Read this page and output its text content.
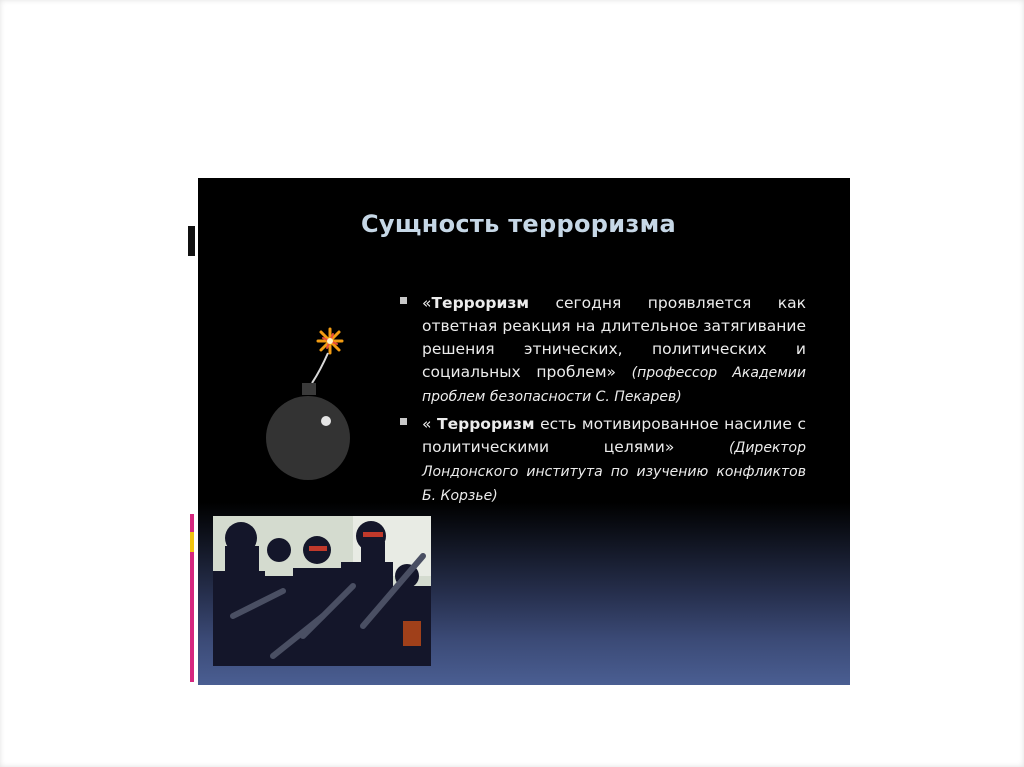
Сущность терроризма
«Терроризм сегодня проявляется как ответная реакция на длительное затягивание решения этнических, политических и социальных проблем» (профессор Академии проблем безопасности С. Пекарев)
« Терроризм есть мотивированное насилие с политическими целями» (Директор Лондонского института по изучению конфликтов Б. Корзье)
